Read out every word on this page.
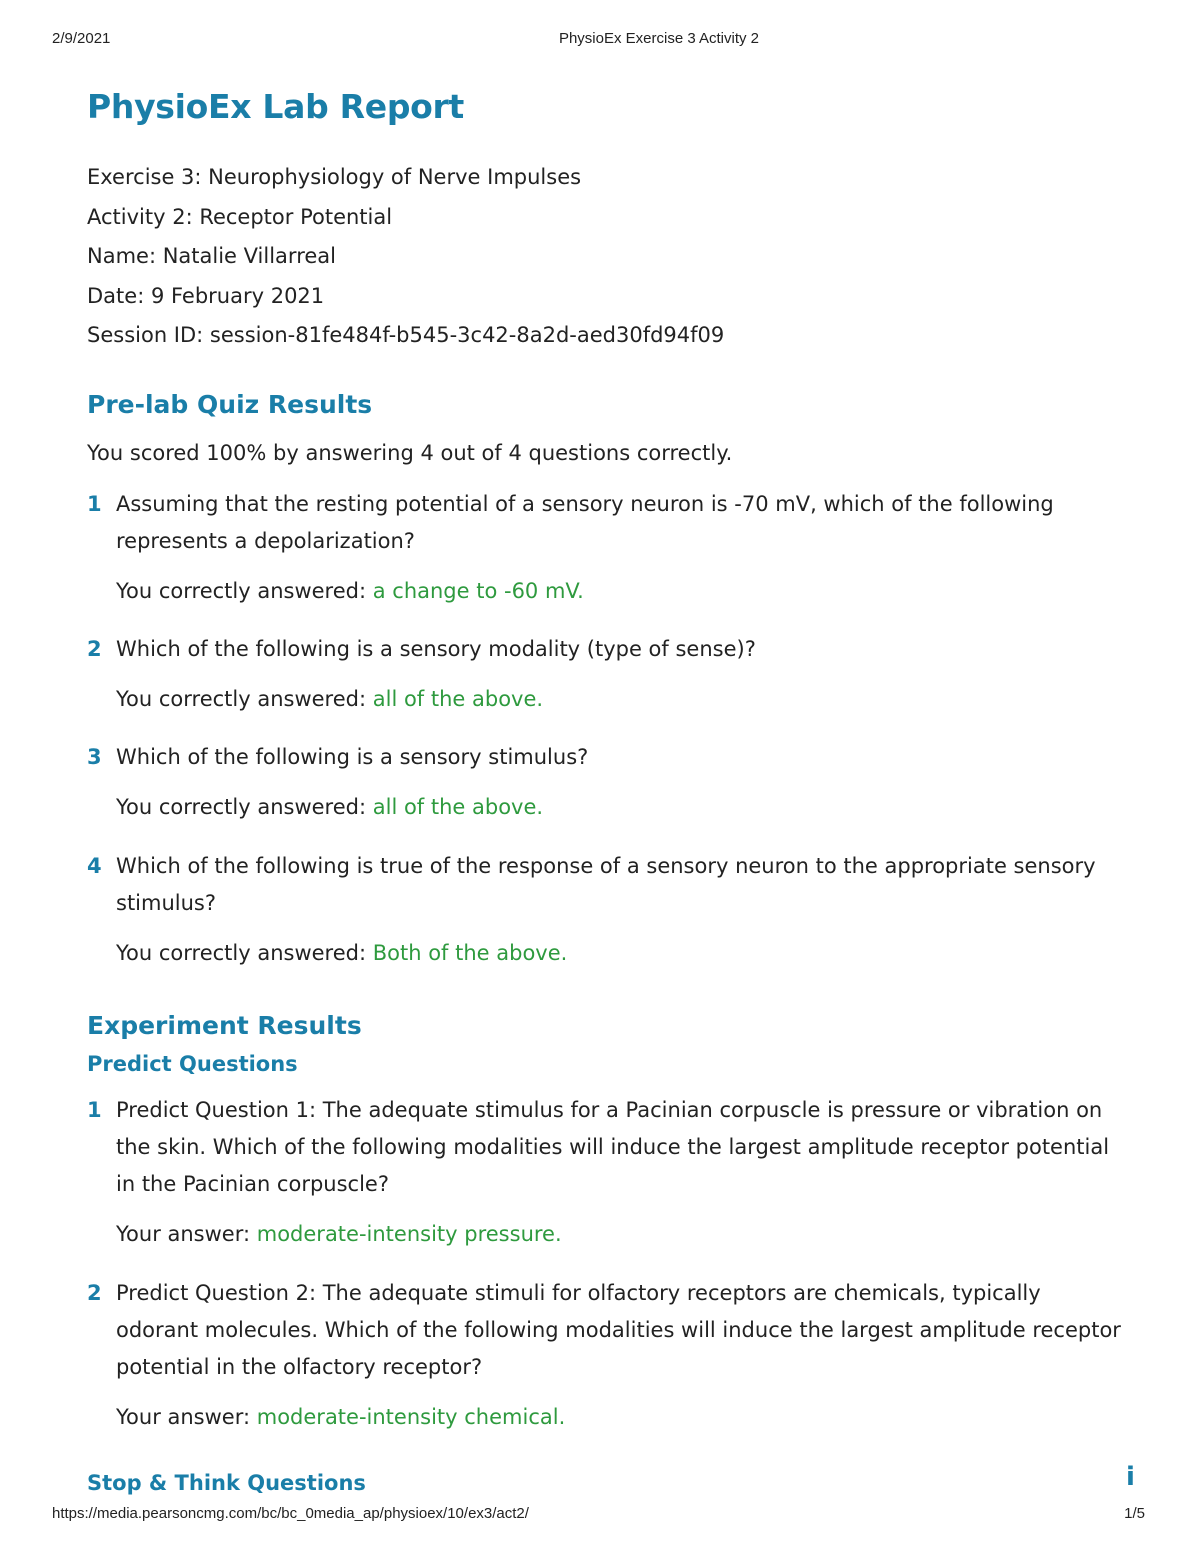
2/9/2021	PhysioEx Exercise 3 Activity 2
PhysioEx Lab Report

Exercise 3: Neurophysiology of Nerve Impulses

Activity 2: Receptor Potential

Name: Natalie Villarreal

Date: 9 February 2021

Session ID: session-81fe484f-b545-3c42-8a2d-aed30fd94f09

Pre-lab Quiz Results

You scored 100% by answering 4 out of 4 questions correctly.

1 Assuming that the resting potential of a sensory neuron is -70 mV, which of the following represents a depolarization?

You correctly answered: a change to -60 mV.

2 Which of the following is a sensory modality (type of sense)?

You correctly answered: all of the above.

3 Which of the following is a sensory stimulus?

You correctly answered: all of the above.

4 Which of the following is true of the response of a sensory neuron to the appropriate sensory stimulus?

You correctly answered: Both of the above.

Experiment Results
Predict Questions
1 Predict Question 1: The adequate stimulus for a Pacinian corpuscle is pressure or vibration on the skin. Which of the following modalities will induce the largest amplitude receptor potential in the Pacinian corpuscle?

Your answer: moderate-intensity pressure.

2 Predict Question 2: The adequate stimuli for olfactory receptors are chemicals, typically odorant molecules. Which of the following modalities will induce the largest amplitude receptor potential in the olfactory receptor?

Your answer: moderate-intensity chemical.

Stop & Think Questions	i
https://media.pearsoncmg.com/bc/bc_0media_ap/physioex/10/ex3/act2/	1/5
